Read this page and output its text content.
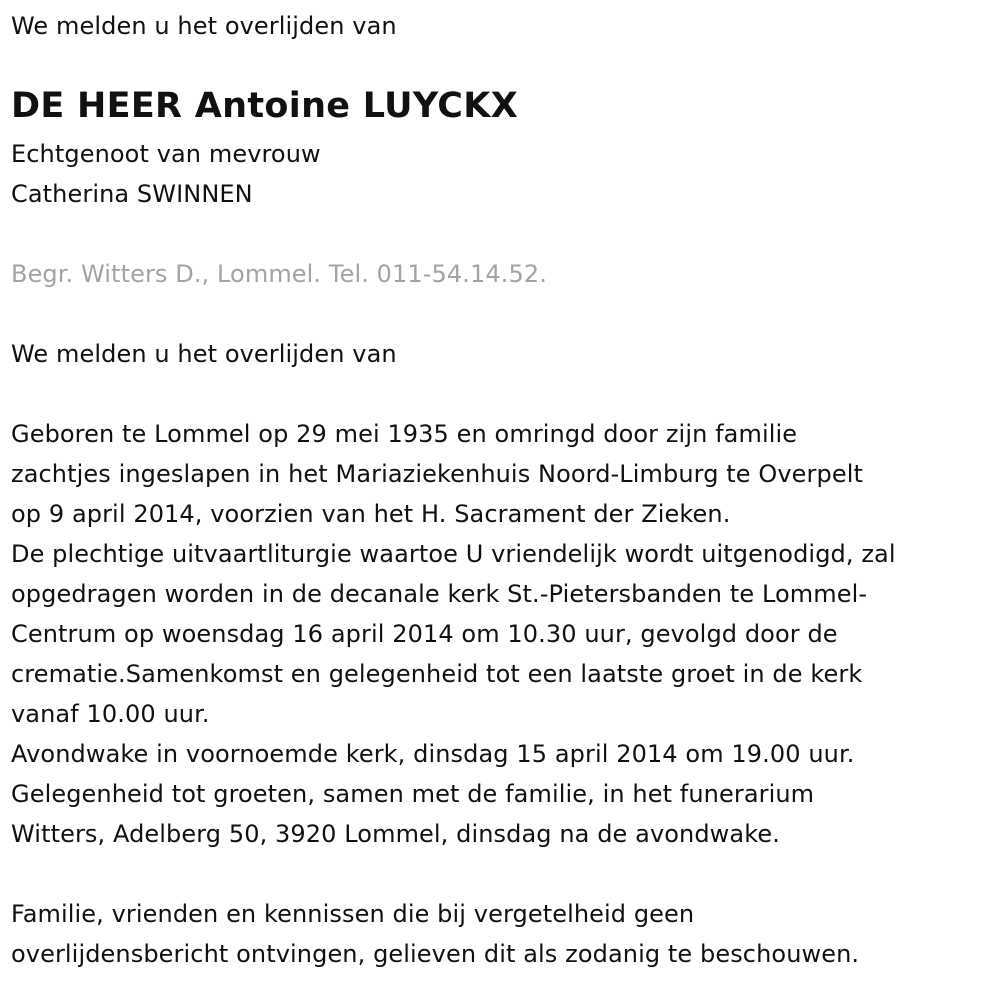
We melden u het overlijden van
DE HEER Antoine LUYCKX
Echtgenoot van mevrouw
Catherina SWINNEN
Begr. Witters D., Lommel. Tel. 011-54.14.52.
We melden u het overlijden van
Geboren te Lommel op 29 mei 1935 en omringd door zijn familie
zachtjes ingeslapen in het Mariaziekenhuis Noord-Limburg te Overpelt
op 9 april 2014, voorzien van het H. Sacrament der Zieken.
De plechtige uitvaartliturgie waartoe U vriendelijk wordt uitgenodigd, zal
opgedragen worden in de decanale kerk St.-Pietersbanden te Lommel-
Centrum op woensdag 16 april 2014 om 10.30 uur, gevolgd door de
crematie.Samenkomst en gelegenheid tot een laatste groet in de kerk
vanaf 10.00 uur.
Avondwake in voornoemde kerk, dinsdag 15 april 2014 om 19.00 uur.
Gelegenheid tot groeten, samen met de familie, in het funerarium
Witters, Adelberg 50, 3920 Lommel, dinsdag na de avondwake.
Familie, vrienden en kennissen die bij vergetelheid geen
overlijdensbericht ontvingen, gelieven dit als zodanig te beschouwen.
